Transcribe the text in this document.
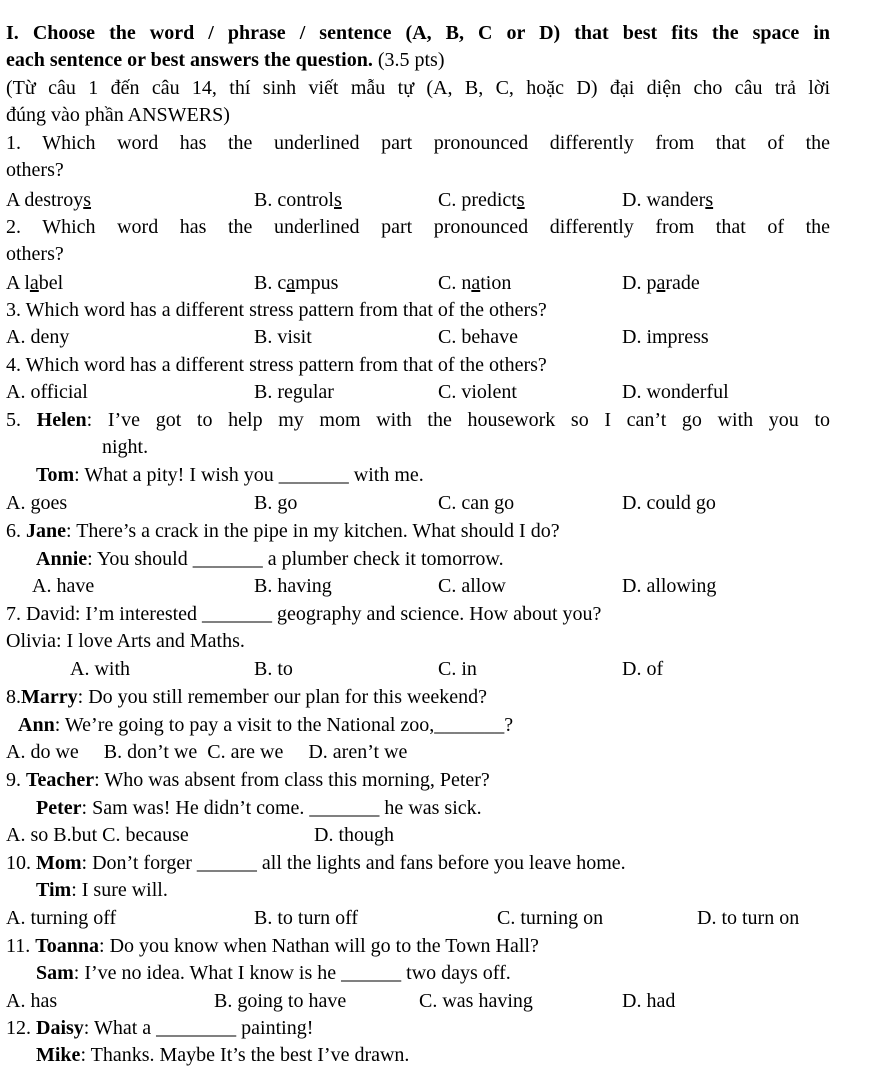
I. Choose the word / phrase / sentence (A, B, C or D) that best fits the space in
each sentence or best answers the question. (3.5 pts)
(Từ câu 1 đến câu 14, thí sinh viết mẫu tự (A, B, C, hoặc D) đại diện cho câu trả lời
đúng vào phần ANSWERS)
1. Which word has the underlined part pronounced differently from that of the
others?
A destroys	B. controls	C. predicts	D. wanders
2. Which word has the underlined part pronounced differently from that of the
others?
A label	B. campus	C. nation	D. parade
3. Which word has a different stress pattern from that of the others?
A. deny	B. visit	C. behave	D. impress
4. Which word has a different stress pattern from that of the others?
A. official	B. regular	C. violent	D. wonderful
5. Helen: I’ve got to help my mom with the housework so I can’t go with you to
night.
Tom: What a pity! I wish you _______ with me.
A. goes	B. go	C. can go	D. could go
6. Jane: There’s a crack in the pipe in my kitchen. What should I do?
Annie: You should _______ a plumber check it tomorrow.
A. have	B. having	C. allow	D. allowing
7. David: I’m interested _______ geography and science. How about you?
Olivia: I love Arts and Maths.
A. with	B. to	C. in	D. of
8.Marry: Do you still remember our plan for this weekend?
Ann: We’re going to pay a visit to the National zoo,_______?
A. do we     B. don’t we  C. are we     D. aren’t we
9. Teacher: Who was absent from class this morning, Peter?
Peter: Sam was! He didn’t come. _______ he was sick.
A. so B.but C. because	D. though
10. Mom: Don’t forger ______ all the lights and fans before you leave home.
Tim: I sure will.
A. turning off	B. to turn off	C. turning on	D. to turn on
11. Toanna: Do you know when Nathan will go to the Town Hall?
Sam: I’ve no idea. What I know is he ______ two days off.
A. has	B. going to have	C. was having	D. had
12. Daisy: What a ________ painting!
Mike: Thanks. Maybe It’s the best I’ve drawn.
